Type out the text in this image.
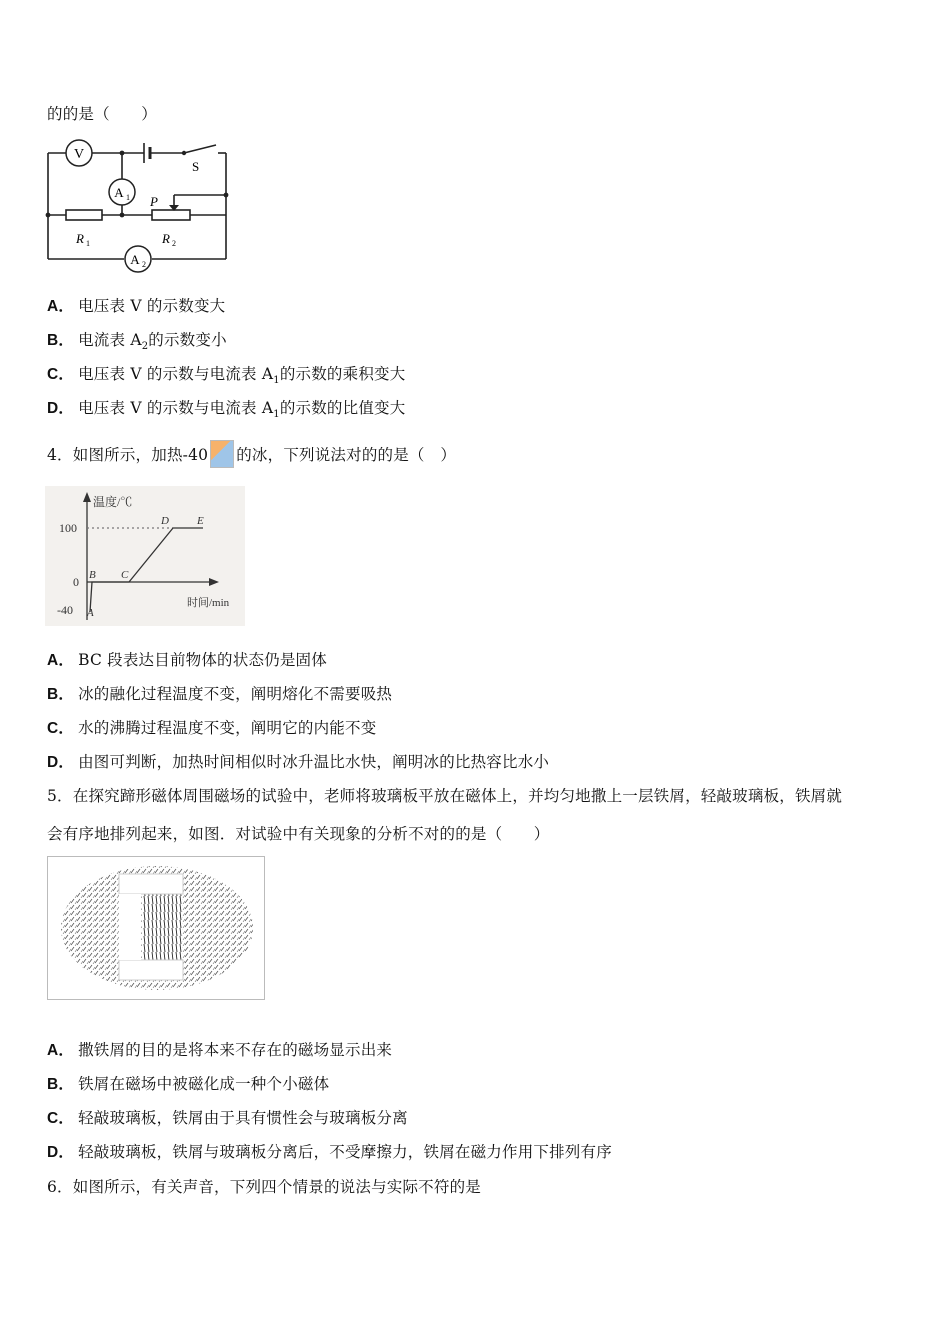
的的是（　　）
V
A 1
A 2
S
P
R 1	R 2
A． 电压表 V 的示数变大
B． 电流表 $A_2$的示数变小
C． 电压表 V 的示数与电流表 $A_1$的示数的乘积变大
D． 电压表 V 的示数与电流表 $A_1$的示数的比值变大
4．如图所示，加热-40 的冰，下列说法对的的是（　）
温度/℃
时间/min
100
0
-40 A
B C
D	E
A． BC 段表达目前物体的状态仍是固体
B． 冰的融化过程温度不变，阐明熔化不需要吸热
C． 水的沸腾过程温度不变，阐明它的内能不变
D． 由图可判断，加热时间相似时冰升温比水快，阐明冰的比热容比水小
5．在探究蹄形磁体周围磁场的试验中，老师将玻璃板平放在磁体上，并均匀地撒上一层铁屑，轻敲玻璃板，铁屑就
会有序地排列起来，如图．对试验中有关现象的分析不对的的是（　　）
A． 撒铁屑的目的是将本来不存在的磁场显示出来
B． 铁屑在磁场中被磁化成一种个小磁体
C． 轻敲玻璃板，铁屑由于具有惯性会与玻璃板分离
D． 轻敲玻璃板，铁屑与玻璃板分离后，不受摩擦力，铁屑在磁力作用下排列有序
6．如图所示，有关声音，下列四个情景的说法与实际不符的是
